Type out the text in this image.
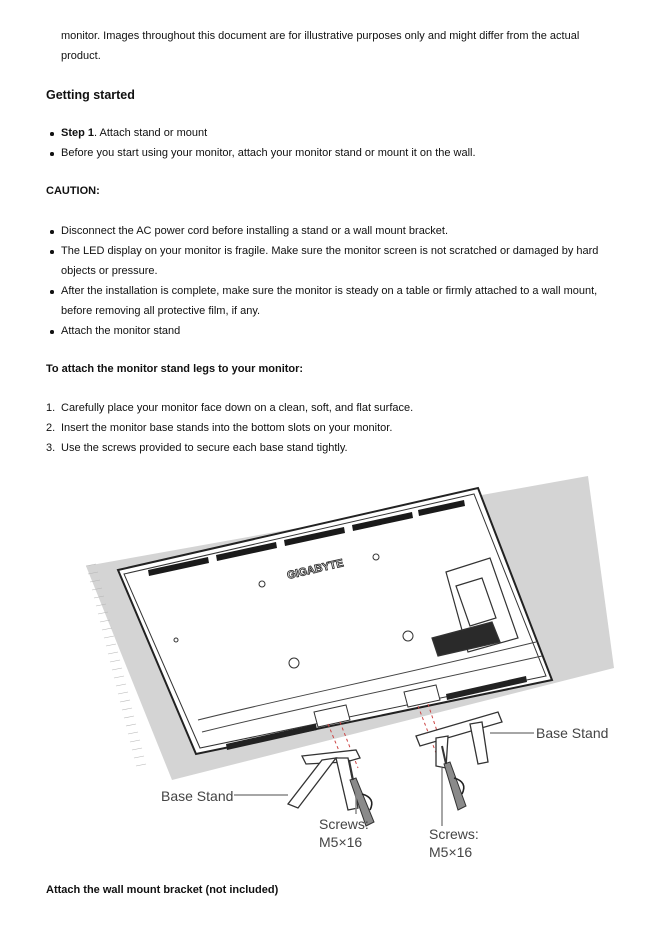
monitor. Images throughout this document are for illustrative purposes only and might differ from the actual product.
Getting started
Step 1. Attach stand or mount
Before you start using your monitor, attach your monitor stand or mount it on the wall.
CAUTION:
Disconnect the AC power cord before installing a stand or a wall mount bracket.
The LED display on your monitor is fragile. Make sure the monitor screen is not scratched or damaged by hard objects or pressure.
After the installation is complete, make sure the monitor is steady on a table or firmly attached to a wall mount, before removing all protective film, if any.
Attach the monitor stand
To attach the monitor stand legs to your monitor:
1. Carefully place your monitor face down on a clean, soft, and flat surface.
2. Insert the monitor base stands into the bottom slots on your monitor.
3. Use the screws provided to secure each base stand tightly.
GIGABYTE
Base Stand
Base Stand
Screws:
M5×16	Screws:
M5×16
Attach the wall mount bracket (not included)
